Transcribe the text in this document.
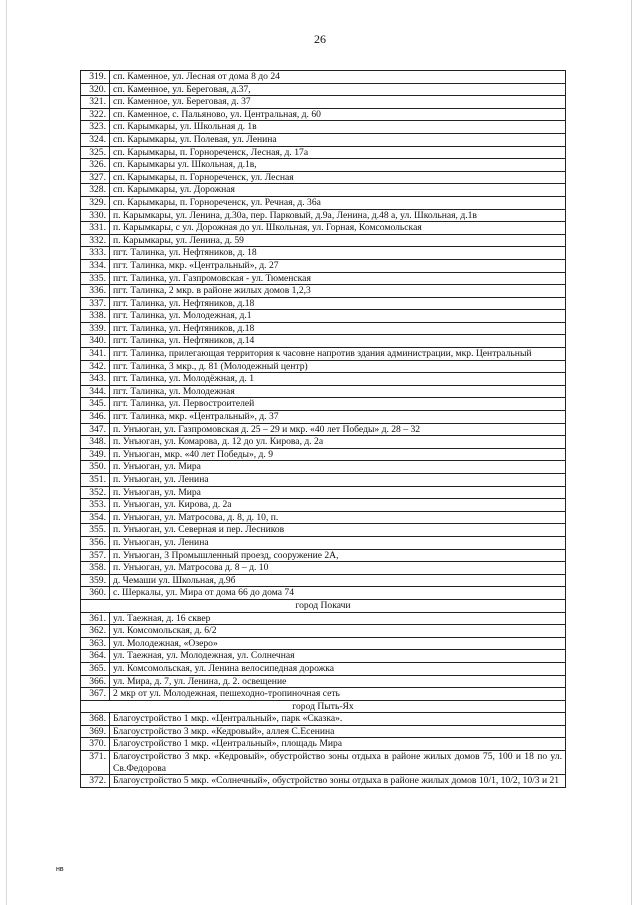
26
319.	сп. Каменное, ул. Лесная от дома 8 до 24
320.	сп. Каменное, ул. Береговая, д.37,
321.	сп. Каменное, ул. Береговая, д. 37
322.	сп. Каменное, с. Пальяново, ул. Центральная, д. 60
323.	сп. Карымкары, ул. Школьная д. 1в
324.	сп. Карымкары, ул. Полевая, ул. Ленина
325.	сп. Карымкары, п. Горнореченск, Лесная, д. 17а
326.	сп. Карымкары ул. Школьная, д.1в,
327.	сп. Карымкары, п. Горнореченск, ул. Лесная
328.	сп. Карымкары, ул. Дорожная
329.	сп. Карымкары, п. Горнореченск, ул. Речная, д. 36а
330.	п. Карымкары, ул. Ленина, д.30а, пер. Парковый, д.9а, Ленина, д.48 а, ул. Школьная, д.1в
331.	п. Карымкары, с ул. Дорожная до ул. Школьная, ул. Горная, Комсомольская
332.	п. Карымкары, ул. Ленина, д. 59
333.	пгт. Талинка, ул. Нефтяников, д. 18
334.	пгт. Талинка, мкр. «Центральный», д. 27
335.	пгт. Талинка, ул. Газпромовская - ул. Тюменская
336.	пгт. Талинка, 2 мкр. в районе жилых домов 1,2,3
337.	пгт. Талинка, ул. Нефтяников, д.18
338.	пгт. Талинка, ул. Молодежная, д.1
339.	пгт. Талинка, ул. Нефтяников, д.18
340.	пгт. Талинка, ул. Нефтяников, д.14
341.	пгт. Талинка, прилегающая территория к часовне напротив здания администрации, мкр. Центральный
342.	пгт. Талинка, 3 мкр., д. 81 (Молодежный центр)
343.	пгт. Талинка, ул. Молодёжная, д. 1
344.	пгт. Талинка, ул. Молодежная
345.	пгт. Талинка, ул. Первостроителей
346.	пгт. Талинка, мкр. «Центральный», д. 37
347.	п. Унъюган, ул. Газпромовская д. 25 – 29 и мкр. «40 лет Победы» д. 28 – 32
348.	п. Унъюган, ул. Комарова, д. 12 до ул. Кирова, д. 2а
349.	п. Унъюган, мкр. «40 лет Победы», д. 9
350.	п. Унъюган, ул. Мира
351.	п. Унъюган, ул. Ленина
352.	п. Унъюган, ул. Мира
353.	п. Унъюган, ул. Кирова, д. 2а
354.	п. Унъюган, ул. Матросова, д. 8, д. 10, п.
355.	п. Унъюган, ул. Северная и пер. Лесников
356.	п. Унъюган, ул. Ленина
357.	п. Унъюган, 3 Промышленный проезд, сооружение 2А,
358.	п. Унъюган, ул. Матросова д. 8 – д. 10
359.	д. Чемаши ул. Школьная, д.9б
360.	с. Шеркалы, ул. Мира от дома 66 до дома 74
город Покачи	
361.	ул. Таежная, д. 16 сквер
362.	ул. Комсомольская, д. 6/2
363.	ул. Молодежная, «Озеро»
364.	ул. Таежная, ул. Молодежная, ул. Солнечная
365.	ул. Комсомольская, ул. Ленина велосипедная дорожка
366.	ул. Мира, д. 7, ул. Ленина, д. 2. освещение
367.	2 мкр от ул. Молодежная, пешеходно-тропиночная сеть
город Пыть-Ях	
368.	Благоустройство 1 мкр. «Центральный», парк «Сказка».
369.	Благоустройство 3 мкр. «Кедровый», аллея С.Есенина
370.	Благоустройство 1 мкр. «Центральный», площадь Мира
371.	Благоустройство 3 мкр. «Кедровый», обустройство зоны отдыха в районе жилых домов 75, 100 и 18 по ул. Св.Федорова
372.	Благоустройство 5 мкр. «Солнечный», обустройство зоны отдыха в районе жилых домов 10/1, 10/2, 10/3 и 21
нв
